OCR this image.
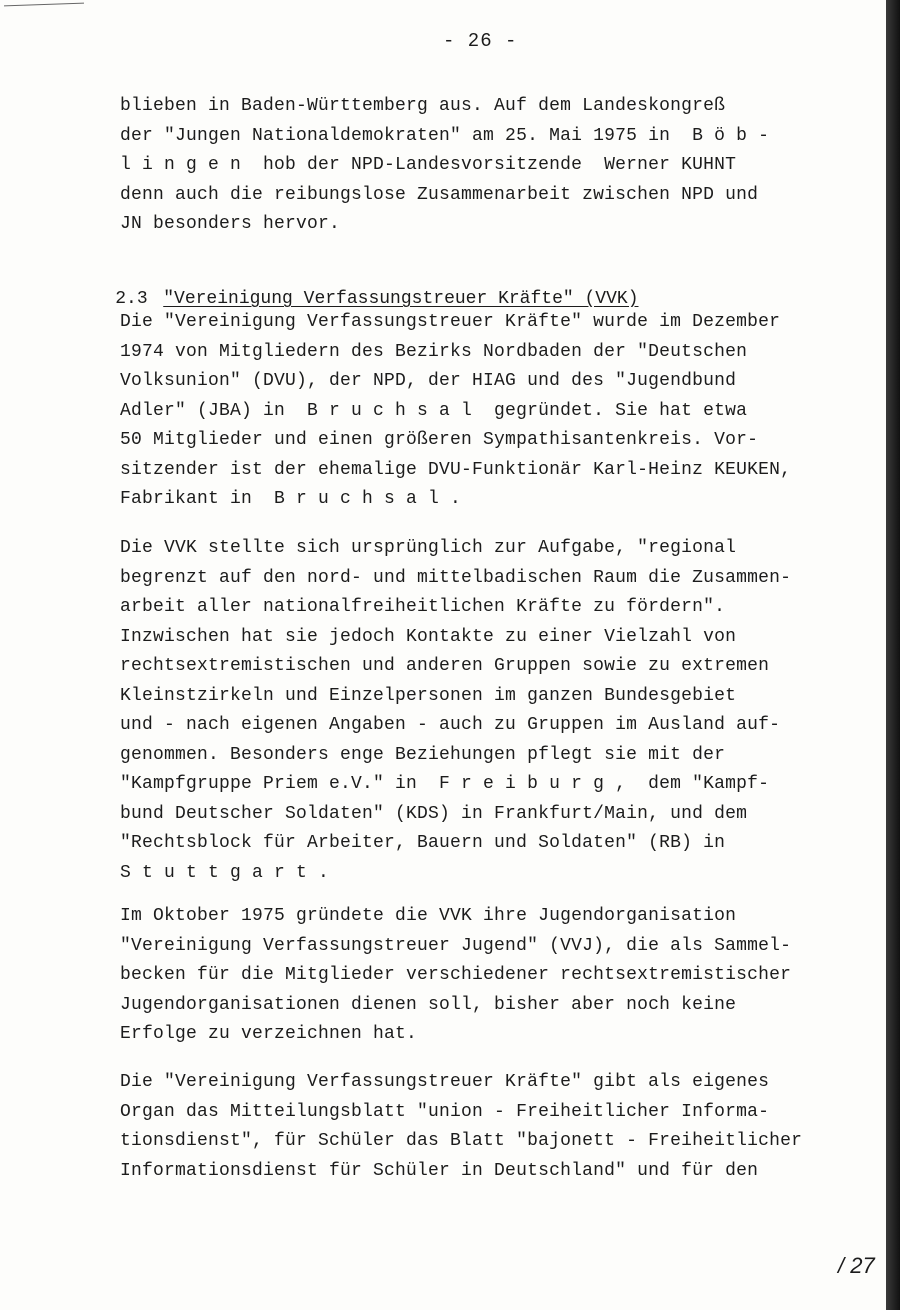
- 26 -
blieben in Baden-Württemberg aus. Auf dem Landeskongreß
der "Jungen Nationaldemokraten" am 25. Mai 1975 in  B ö b -
l i n g e n  hob der NPD-Landesvorsitzende  Werner KUHNT
denn auch die reibungslose Zusammenarbeit zwischen NPD und
JN besonders hervor.

2.3 "Vereinigung Verfassungstreuer Kräfte" (VVK)

Die "Vereinigung Verfassungstreuer Kräfte" wurde im Dezember
1974 von Mitgliedern des Bezirks Nordbaden der "Deutschen
Volksunion" (DVU), der NPD, der HIAG und des "Jugendbund
Adler" (JBA) in  B r u c h s a l  gegründet. Sie hat etwa
50 Mitglieder und einen größeren Sympathisantenkreis. Vor-
sitzender ist der ehemalige DVU-Funktionär Karl-Heinz KEUKEN,
Fabrikant in  B r u c h s a l .
Die VVK stellte sich ursprünglich zur Aufgabe, "regional
begrenzt auf den nord- und mittelbadischen Raum die Zusammen-
arbeit aller nationalfreiheitlichen Kräfte zu fördern".
Inzwischen hat sie jedoch Kontakte zu einer Vielzahl von
rechtsextremistischen und anderen Gruppen sowie zu extremen
Kleinstzirkeln und Einzelpersonen im ganzen Bundesgebiet
und - nach eigenen Angaben - auch zu Gruppen im Ausland auf-
genommen. Besonders enge Beziehungen pflegt sie mit der
"Kampfgruppe Priem e.V." in  F r e i b u r g ,  dem "Kampf-
bund Deutscher Soldaten" (KDS) in Frankfurt/Main, und dem
"Rechtsblock für Arbeiter, Bauern und Soldaten" (RB) in
S t u t t g a r t .
Im Oktober 1975 gründete die VVK ihre Jugendorganisation
"Vereinigung Verfassungstreuer Jugend" (VVJ), die als Sammel-
becken für die Mitglieder verschiedener rechtsextremistischer
Jugendorganisationen dienen soll, bisher aber noch keine
Erfolge zu verzeichnen hat.
Die "Vereinigung Verfassungstreuer Kräfte" gibt als eigenes
Organ das Mitteilungsblatt "union - Freiheitlicher Informa-
tionsdienst", für Schüler das Blatt "bajonett - Freiheitlicher
Informationsdienst für Schüler in Deutschland" und für den
/ 27
